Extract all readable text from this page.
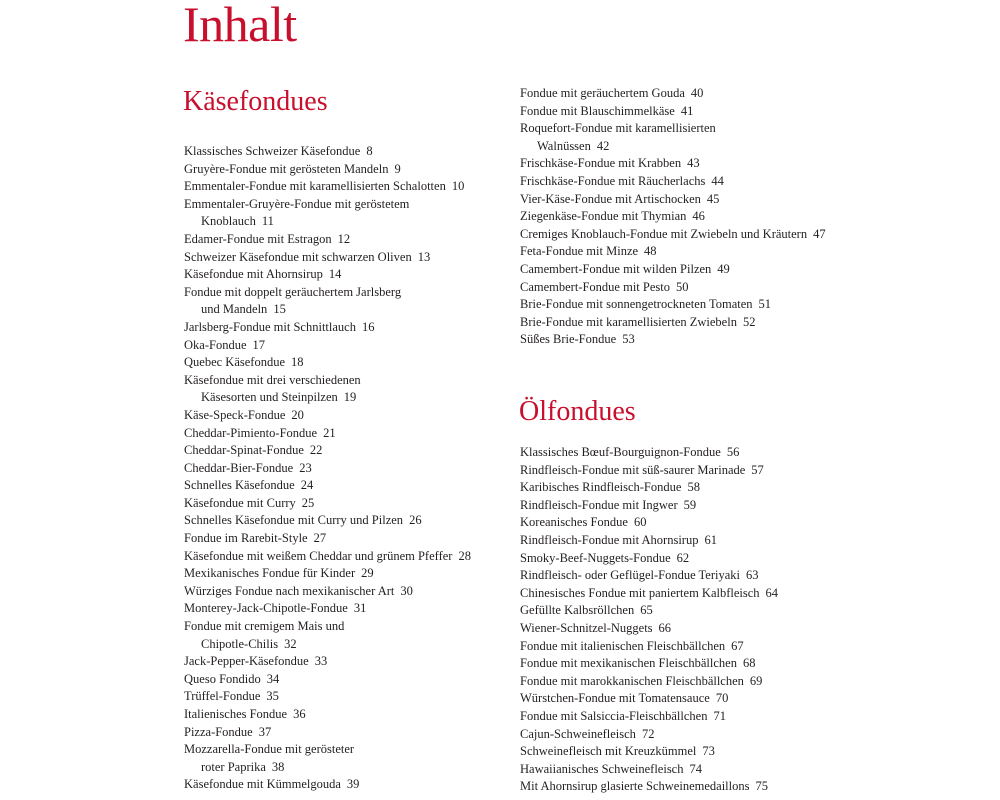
Inhalt
Käsefondues
Klassisches Schweizer Käsefondue 8
Gruyère-Fondue mit gerösteten Mandeln 9
Emmentaler-Fondue mit karamellisierten Schalotten 10
Emmentaler-Gruyère-Fondue mit geröstetem
Knoblauch 11
Edamer-Fondue mit Estragon 12
Schweizer Käsefondue mit schwarzen Oliven 13
Käsefondue mit Ahornsirup 14
Fondue mit doppelt geräuchertem Jarlsberg
und Mandeln 15
Jarlsberg-Fondue mit Schnittlauch 16
Oka-Fondue 17
Quebec Käsefondue 18
Käsefondue mit drei verschiedenen
Käsesorten und Steinpilzen 19
Käse-Speck-Fondue 20
Cheddar-Pimiento-Fondue 21
Cheddar-Spinat-Fondue 22
Cheddar-Bier-Fondue 23
Schnelles Käsefondue 24
Käsefondue mit Curry 25
Schnelles Käsefondue mit Curry und Pilzen 26
Fondue im Rarebit-Style 27
Käsefondue mit weißem Cheddar und grünem Pfeffer 28
Mexikanisches Fondue für Kinder 29
Würziges Fondue nach mexikanischer Art 30
Monterey-Jack-Chipotle-Fondue 31
Fondue mit cremigem Mais und
Chipotle-Chilis 32
Jack-Pepper-Käsefondue 33
Queso Fondido 34
Trüffel-Fondue 35
Italienisches Fondue 36
Pizza-Fondue 37
Mozzarella-Fondue mit gerösteter
roter Paprika 38
Käsefondue mit Kümmelgouda 39
Fondue mit geräuchertem Gouda 40
Fondue mit Blauschimmelkäse 41
Roquefort-Fondue mit karamellisierten
Walnüssen 42
Frischkäse-Fondue mit Krabben 43
Frischkäse-Fondue mit Räucherlachs 44
Vier-Käse-Fondue mit Artischocken 45
Ziegenkäse-Fondue mit Thymian 46
Cremiges Knoblauch-Fondue mit Zwiebeln und Kräutern 47
Feta-Fondue mit Minze 48
Camembert-Fondue mit wilden Pilzen 49
Camembert-Fondue mit Pesto 50
Brie-Fondue mit sonnengetrockneten Tomaten 51
Brie-Fondue mit karamellisierten Zwiebeln 52
Süßes Brie-Fondue 53
Ölfondues
Klassisches Bœuf-Bourguignon-Fondue 56
Rindfleisch-Fondue mit süß-saurer Marinade 57
Karibisches Rindfleisch-Fondue 58
Rindfleisch-Fondue mit Ingwer 59
Koreanisches Fondue 60
Rindfleisch-Fondue mit Ahornsirup 61
Smoky-Beef-Nuggets-Fondue 62
Rindfleisch- oder Geflügel-Fondue Teriyaki 63
Chinesisches Fondue mit paniertem Kalbfleisch 64
Gefüllte Kalbsröllchen 65
Wiener-Schnitzel-Nuggets 66
Fondue mit italienischen Fleischbällchen 67
Fondue mit mexikanischen Fleischbällchen 68
Fondue mit marokkanischen Fleischbällchen 69
Würstchen-Fondue mit Tomatensauce 70
Fondue mit Salsiccia-Fleischbällchen 71
Cajun-Schweinefleisch 72
Schweinefleisch mit Kreuzkümmel 73
Hawaiianisches Schweinefleisch 74
Mit Ahornsirup glasierte Schweinemedaillons 75
